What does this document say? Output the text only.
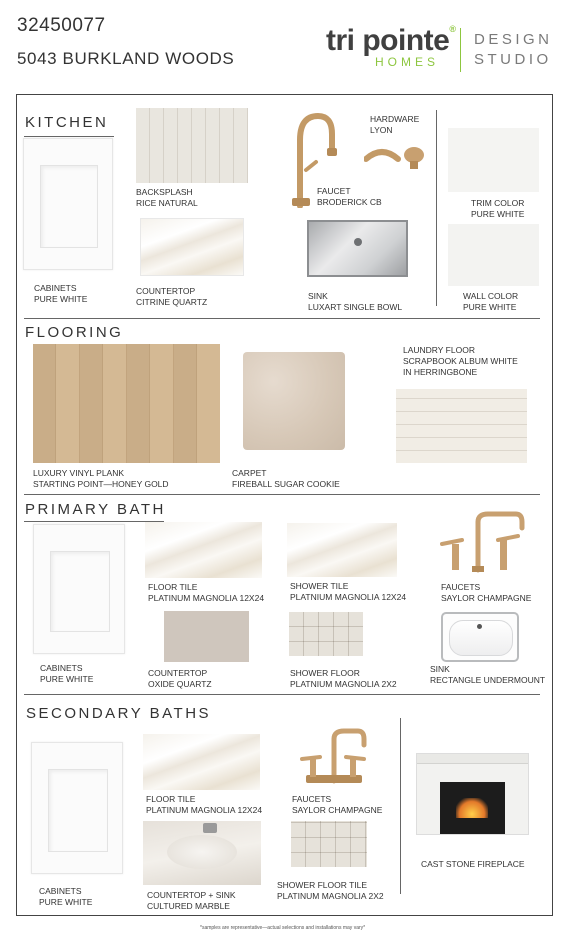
32450077
5043 BURKLAND WOODS
tri pointe®
HOMES
DESIGN
STUDIO
KITCHEN
CABINETS
PURE WHITE
BACKSPLASH
RICE NATURAL
COUNTERTOP
CITRINE QUARTZ
FAUCET
BRODERICK CB
HARDWARE
LYON
SINK
LUXART SINGLE BOWL
TRIM COLOR
PURE WHITE
WALL COLOR
PURE WHITE
FLOORING
LUXURY VINYL PLANK
STARTING POINT—HONEY GOLD
CARPET
FIREBALL SUGAR COOKIE
LAUNDRY FLOOR
SCRAPBOOK ALBUM WHITE
IN HERRINGBONE
PRIMARY BATH
CABINETS
PURE WHITE
FLOOR TILE
PLATINUM MAGNOLIA 12X24
SHOWER TILE
PLATNIUM MAGNOLIA 12X24
FAUCETS
SAYLOR CHAMPAGNE
COUNTERTOP
OXIDE QUARTZ
SHOWER FLOOR
PLATNIUM MAGNOLIA 2X2
SINK
RECTANGLE UNDERMOUNT
SECONDARY BATHS
CABINETS
PURE WHITE
FLOOR TILE
PLATINUM MAGNOLIA 12X24
FAUCETS
SAYLOR CHAMPAGNE
COUNTERTOP + SINK
CULTURED MARBLE
SHOWER FLOOR TILE
PLATINUM MAGNOLIA 2X2
CAST STONE FIREPLACE
*samples are representative—actual selections and installations may vary*
